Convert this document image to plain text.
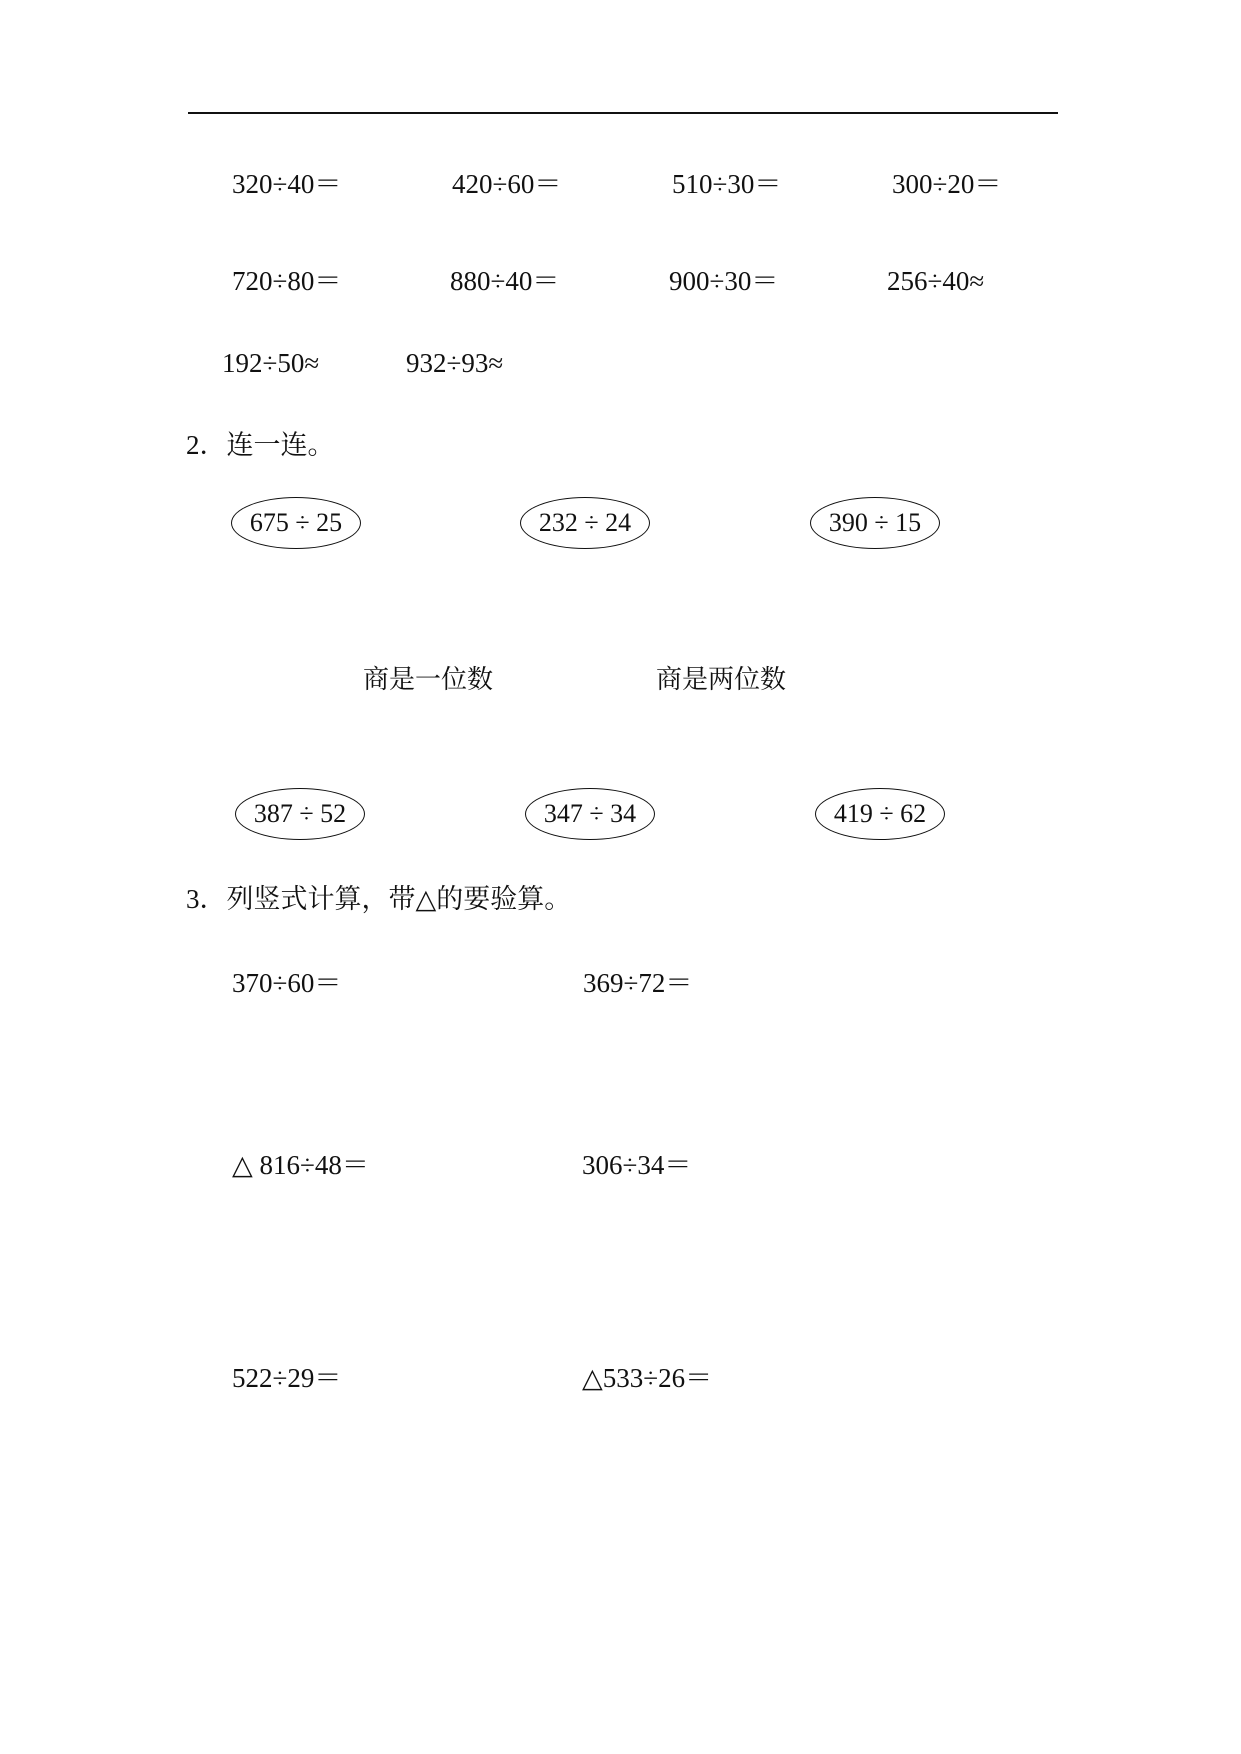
320÷40＝	420÷60＝	510÷30＝	300÷20＝
720÷80＝	880÷40＝	900÷30＝	256÷40≈
192÷50≈	932÷93≈
2．连一连。
675 ÷ 25	232 ÷ 24	390 ÷ 15
商是一位数	商是两位数
387 ÷ 52	347 ÷ 34	419 ÷ 62
3．列竖式计算，带△的要验算。
370÷60＝	369÷72＝
△ 816÷48＝	306÷34＝
522÷29＝	△533÷26＝
